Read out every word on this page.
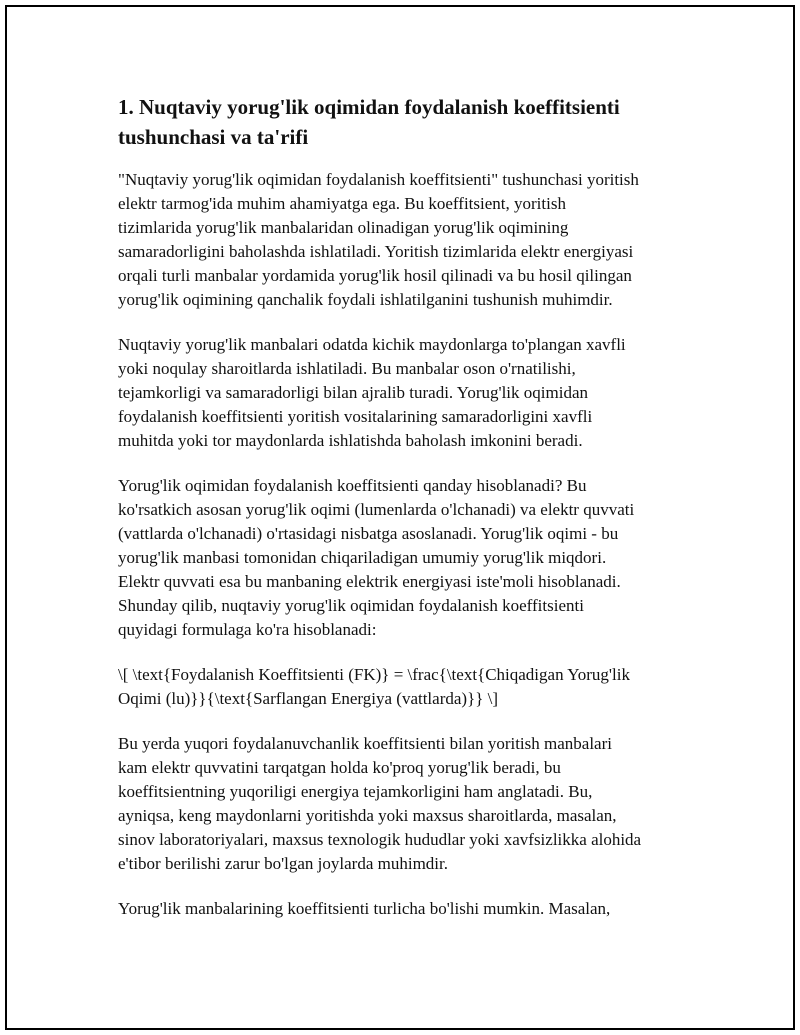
1. Nuqtaviy yorug'lik oqimidan foydalanish koeffitsienti tushunchasi va ta'rifi

"Nuqtaviy yorug'lik oqimidan foydalanish koeffitsienti" tushunchasi yoritish
elektr tarmog'ida muhim ahamiyatga ega. Bu koeffitsient, yoritish
tizimlarida yorug'lik manbalaridan olinadigan yorug'lik oqimining
samaradorligini baholashda ishlatiladi. Yoritish tizimlarida elektr energiyasi
orqali turli manbalar yordamida yorug'lik hosil qilinadi va bu hosil qilingan
yorug'lik oqimining qanchalik foydali ishlatilganini tushunish muhimdir.

Nuqtaviy yorug'lik manbalari odatda kichik maydonlarga to'plangan xavfli
yoki noqulay sharoitlarda ishlatiladi. Bu manbalar oson o'rnatilishi,
tejamkorligi va samaradorligi bilan ajralib turadi. Yorug'lik oqimidan
foydalanish koeffitsienti yoritish vositalarining samaradorligini xavfli
muhitda yoki tor maydonlarda ishlatishda baholash imkonini beradi.

Yorug'lik oqimidan foydalanish koeffitsienti qanday hisoblanadi? Bu
ko'rsatkich asosan yorug'lik oqimi (lumenlarda o'lchanadi) va elektr quvvati
(vattlarda o'lchanadi) o'rtasidagi nisbatga asoslanadi. Yorug'lik oqimi - bu
yorug'lik manbasi tomonidan chiqariladigan umumiy yorug'lik miqdori.
Elektr quvvati esa bu manbaning elektrik energiyasi iste'moli hisoblanadi.
Shunday qilib, nuqtaviy yorug'lik oqimidan foydalanish koeffitsienti
quyidagi formulaga ko'ra hisoblanadi:

\[ \text{Foydalanish Koeffitsienti (FK)} = \frac{\text{Chiqadigan Yorug'lik
Oqimi (lu)}}{\text{Sarflangan Energiya (vattlarda)}} \]

Bu yerda yuqori foydalanuvchanlik koeffitsienti bilan yoritish manbalari
kam elektr quvvatini tarqatgan holda ko'proq yorug'lik beradi, bu
koeffitsientning yuqoriligi energiya tejamkorligini ham anglatadi. Bu,
ayniqsa, keng maydonlarni yoritishda yoki maxsus sharoitlarda, masalan,
sinov laboratoriyalari, maxsus texnologik hududlar yoki xavfsizlikka alohida
e'tibor berilishi zarur bo'lgan joylarda muhimdir.

Yorug'lik manbalarining koeffitsienti turlicha bo'lishi mumkin. Masalan,
